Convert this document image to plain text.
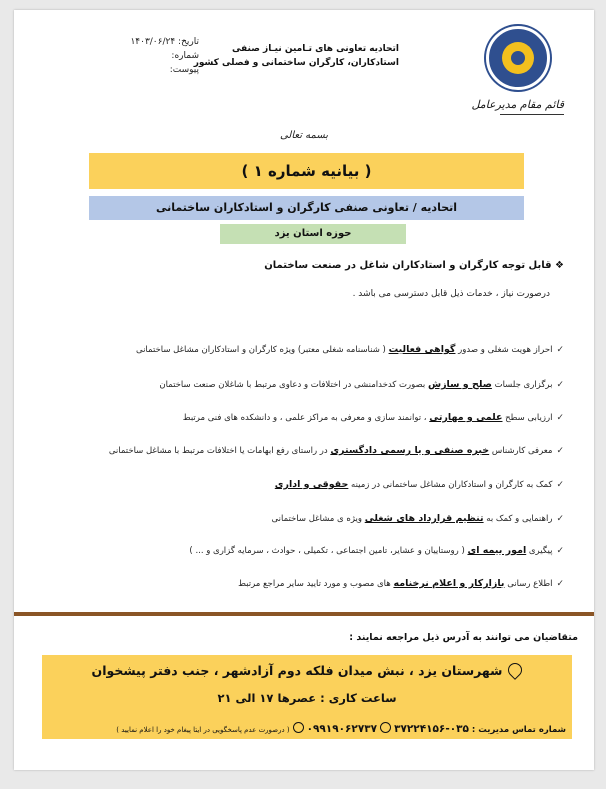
قائم مقام مدیرعامل
اتحادیه تعاونی های تـامین نیـاز صنفی
استادکاران، کارگران ساختمانی و فصلی کشور
تاریخ: ۱۴۰۳/۰۶/۲۴
شماره:
پیوست:
بسمه تعالی
( بیانیه شماره ۱ )
اتحادیه / تعاونی صنفی کارگران و استادکاران ساختمانی
حوزه استان یزد
❖ قابل توجه کارگران و استادکاران شاغل در صنعت ساختمان
درصورت نیاز ، خدمات ذیل قابل دسترسی می باشد .
✓احراز هویت شغلی و صدور گواهی فعالیت ( شناسنامه شغلی معتبر) ویژه کارگران و استادکاران مشاغل ساختمانی
✓برگزاری جلسات صلح و سازش بصورت کدخدامنشی در اختلافات و دعاوی مرتبط با شاغلان صنعت ساختمان
✓ارزیابی سطح علمی و مهارتی ، توانمند سازی و معرفی به مراکز علمی ، و دانشکده های فنی مرتبط
✓معرفی کارشناس خبره صنفی و یا رسمی دادگستری در راستای رفع ابهامات یا اختلافات مرتبط با مشاغل ساختمانی
✓کمک به کارگران و استادکاران مشاغل ساختمانی در زمینه حقوقی و اداری
✓راهنمایی و کمک به تنظیم قرارداد های شغلی ویژه ی مشاغل ساختمانی
✓پیگیری امور بیمه ای ( روستاییان و عشایر، تامین اجتماعی ، تکمیلی ، حوادث ، سرمایه گزاری و ... )
✓اطلاع رسانی بازارکار و اعلام نرخنامه های مصوب و مورد تایید سایر مراجع مرتبط
متقاضیان می توانند به آدرس ذیل مراجعه نمایند :
شهرستان یزد ، نبش میدان فلکه دوم آزادشهر ، جنب دفتر پیشخوان
ساعت کاری : عصرها ۱۷ الی ۲۱
شماره تماس مدیریت : ۰۳۵-۳۷۲۲۴۱۵۶۰۹۹۱۹۰۶۲۷۳۷( درصورت عدم پاسخگویی در ایتا پیغام خود را اعلام نمایید )
